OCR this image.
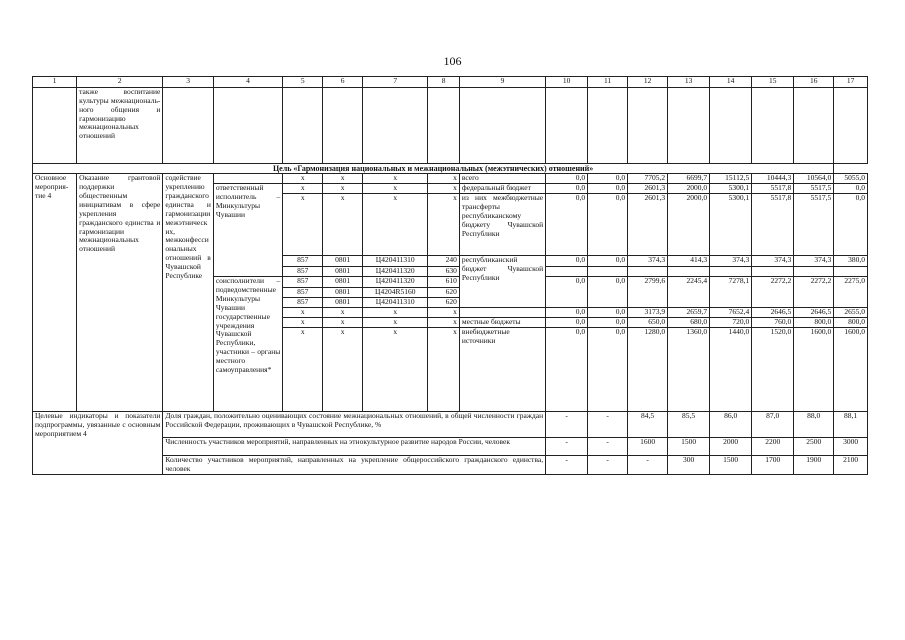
106
1	2	3	4	5	6	7	8	9	10	11	12	13	14	15	16	17
	также воспитание культуры межнационального общения и гармонизацию межнациональных отношений															
Цель «Гармонизация национальных и межнациональных (межэтнических) отношений»																
Основное мероприятие 4	Оказание грантовой поддержки общественным инициативам в сфере укрепления гражданского единства и гармонизации межнациональных отношений	содействие укреплению гражданского единства и гармонизации межэтнических, межконфессиональных отношений в Чувашской Республике		x	x	x	x	всего	0,0	0,0	7705,2	6699,7	15112,5	10444,3	10564,0	5055,0
			ответственный исполнитель – Минкультуры Чувашии	x	x	x	x	федеральный бюджет	0,0	0,0	2601,3	2000,0	5300,1	5517,8	5517,5	0,0
				x	x	x	x	из них межбюджетные трансферты республиканскому бюджету Чувашской Республики	0,0	0,0	2601,3	2000,0	5300,1	5517,8	5517,5	0,0
				857	0801	Ц420411310	240	республиканский бюджет Чувашской Республики	0,0	0,0	374,3	414,3	374,3	374,3	374,3	380,0
				857	0801	Ц420411320	630									
			соисполнители – подведомственные Минкультуры Чувашии государственные учреждения Чувашской Республики, участники – органы местного самоуправления*	857	0801	Ц420411320	610		0,0	0,0	2799,6	2245,4	7278,1	2272,2	2272,2	2275,0
				857	0801	Ц4204R5160	620									
				857	0801	Ц420411310	620									
				x	x	x	x		0,0	0,0	3173,9	2659,7	7652,4	2646,5	2646,5	2655,0
				x	x	x	x	местные бюджеты	0,0	0,0	650,0	680,0	720,0	760,0	800,0	800,0
				x	x	x	x	внебюджетные источники	0,0	0,0	1280,0	1360,0	1440,0	1520,0	1600,0	1600,0
Целевые индикаторы и показатели подпрограммы, увязанные с основным мероприятием 4		Доля граждан, положительно оценивающих состояние межнациональных отношений, в общей численности граждан Российской Федерации, проживающих в Чувашской Республике, %							-	-	84,5	85,5	86,0	87,0	88,0	88,1
		Численность участников мероприятий, направленных на этнокультурное развитие народов России, человек							-	-	1600	1500	2000	2200	2500	3000
		Количество участников мероприятий, направленных на укрепление общероссийского гражданского единства, человек							-	-	-	300	1500	1700	1900	2100
